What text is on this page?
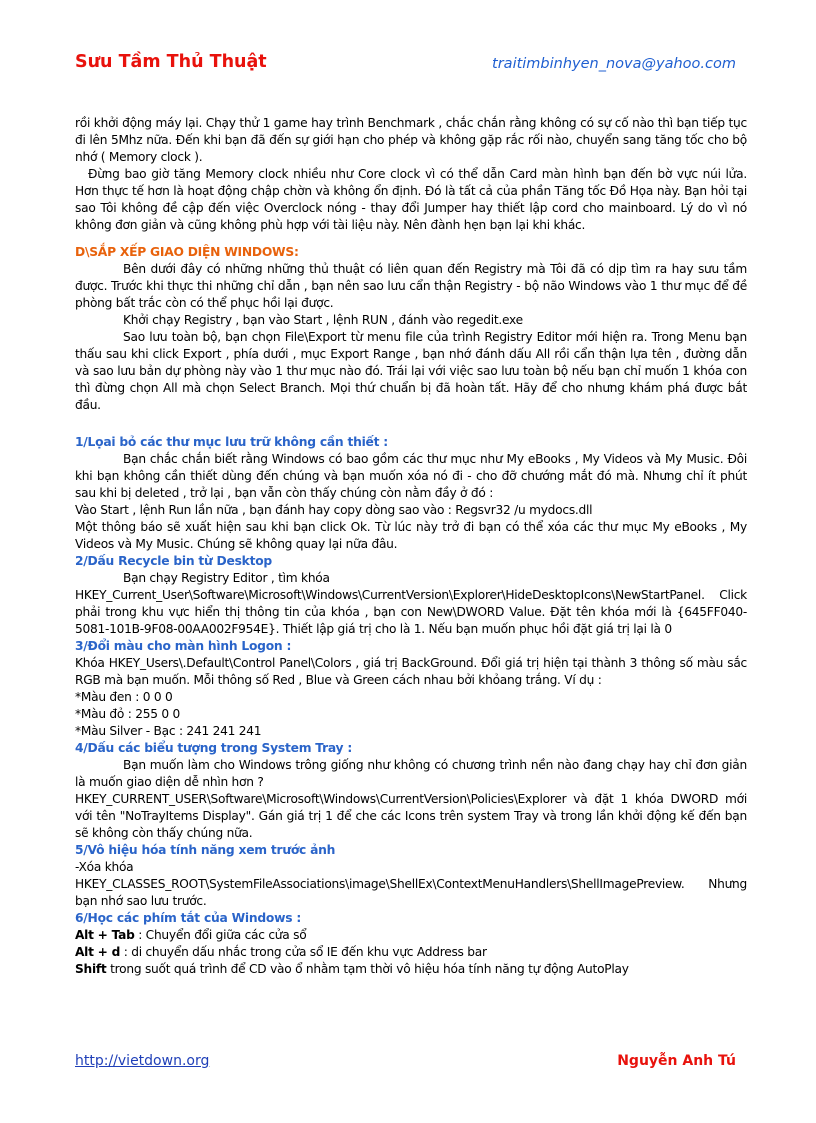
Sưu Tầm Thủ Thuật	traitimbinhyen_nova@yahoo.com

rồi khởi động máy lại. Chạy thử 1 game hay trình Benchmark , chắc chắn rằng không có sự cố nào thì bạn tiếp tục đi lên 5Mhz nữa. Đến khi bạn đã đến sự giới hạn cho phép và không gặp rắc rối nào, chuyển sang tăng tốc cho bộ nhớ ( Memory clock ).

Đừng bao giờ tăng Memory clock nhiều như Core clock vì có thể dẫn Card màn hình bạn đến bờ vực núi lửa. Hơn thực tế hơn là hoạt động chập chờn và không ổn định. Đó là tất cả của phần Tăng tốc Đồ Họa này. Bạn hỏi tại sao Tôi không đề cập đến việc Overclock nóng - thay đổi Jumper hay thiết lập cord cho mainboard. Lý do vì nó không đơn giản và cũng không phù hợp với tài liệu này. Nên đành hẹn bạn lại khi khác.

D\SẮP XẾP GIAO DIỆN WINDOWS:

Bên dưới đây có những những thủ thuật có liên quan đến Registry mà Tôi đã có dịp tìm ra hay sưu tầm được. Trước khi thực thi những chỉ dẫn , bạn nên sao lưu cẩn thận Registry - bộ não Windows vào 1 thư mục để đề phòng bất trắc còn có thể phục hồi lại được.

Khởi chạy Registry , bạn vào Start , lệnh RUN , đánh vào regedit.exe

Sao lưu toàn bộ, bạn chọn File\Export từ menu file của trình Registry Editor mới hiện ra. Trong Menu bạn thấu sau khi click Export , phía dưới , mục Export Range , bạn nhớ đánh dấu All rồi cẩn thận lựa tên , đường dẫn và sao lưu bản dự phòng này vào 1 thư mục nào đó. Trái lại với việc sao lưu toàn bộ nếu bạn chỉ muốn 1 khóa con thì đừng chọn All mà chọn Select Branch. Mọi thứ chuẩn bị đã hoàn tất. Hãy để cho nhưng khám phá được bắt đầu.

1/Lọai bỏ các thư mục lưu trữ không cần thiết :

Bạn chắc chắn biết rằng Windows có bao gồm các thư mục như My eBooks , My Videos và My Music. Đôi khi bạn không cần thiết dùng đến chúng và bạn muốn xóa nó đi - cho đỡ chướng mắt đó mà. Nhưng chỉ ít phút sau khi bị deleted , trở lại , bạn vẫn còn thấy chúng còn nằm đầy ở đó :

Vào Start , lệnh Run lần nữa , bạn đánh hay copy dòng sao vào : Regsvr32 /u mydocs.dll

Một thông báo sẽ xuất hiện sau khi bạn click Ok. Từ lúc này trở đi bạn có thể xóa các thư mục My eBooks , My Videos và My Music. Chúng sẽ không quay lại nữa đâu.

2/Dấu Recycle bin từ Desktop

Bạn chạy Registry Editor , tìm khóa

HKEY_Current_User\Software\Microsoft\Windows\CurrentVersion\Explorer\HideDesktopIcons\NewStartPanel. Click phải trong khu vực hiển thị thông tin của khóa , bạn con New\DWORD Value. Đặt tên khóa mới là {645FF040-5081-101B-9F08-00AA002F954E}. Thiết lập giá trị cho là 1. Nếu bạn muốn phục hồi đặt giá trị lại là 0

3/Đổi màu cho màn hình Logon :

Khóa HKEY_Users\.Default\Control Panel\Colors , giá trị BackGround. Đổi giá trị hiện tại thành 3 thông số màu sắc RGB mà bạn muốn. Mỗi thông số Red , Blue và Green cách nhau bởi khỏang trắng. Ví dụ :

*Màu đen : 0 0 0

*Màu đỏ : 255 0 0

*Màu Silver - Bạc : 241 241 241

4/Dấu các biểu tượng trong System Tray :

Bạn muốn làm cho Windows trông giống như không có chương trình nền nào đang chạy hay chỉ đơn giản là muốn giao diện dễ nhìn hơn ?

HKEY_CURRENT_USER\Software\Microsoft\Windows\CurrentVersion\Policies\Explorer và đặt 1 khóa DWORD mới với tên "NoTrayItems Display". Gán giá trị 1 để che các Icons trên system Tray và trong lần khởi động kế đến bạn sẽ không còn thấy chúng nữa.

5/Vô hiệu hóa tính năng xem trước ảnh

-Xóa khóa

HKEY_CLASSES_ROOT\SystemFileAssociations\image\ShellEx\ContextMenuHandlers\ShellImagePreview. Nhưng bạn nhớ sao lưu trước.

6/Học các phím tắt của Windows :

Alt + Tab : Chuyển đổi giữa các cửa sổ

Alt + d : di chuyển dấu nhắc trong cửa sổ IE đến khu vực Address bar

Shift trong suốt quá trình để CD vào ổ nhằm tạm thời vô hiệu hóa tính năng tự động AutoPlay

http://vietdown.org	Nguyễn Anh Tú
